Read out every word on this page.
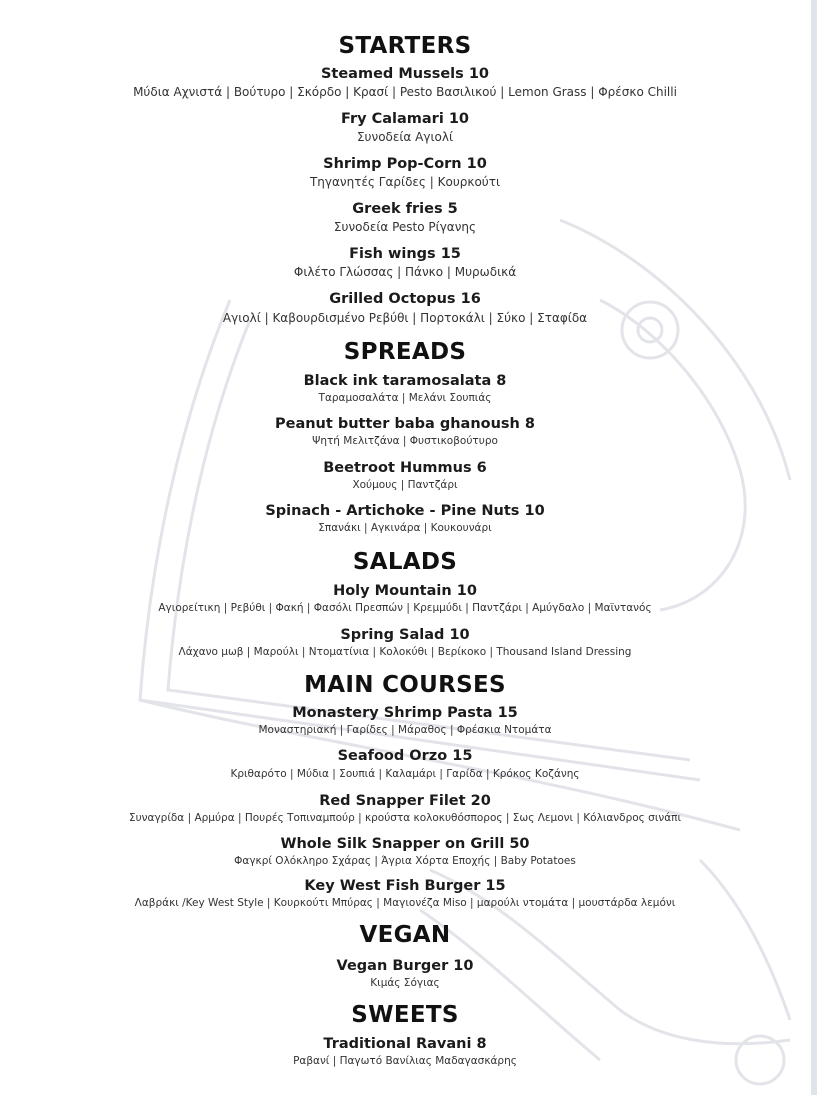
STARTERS
Steamed Mussels 10
Μύδια Αχνιστά | Βούτυρο | Σκόρδο | Κρασί | Pesto Βασιλικού | Lemon Grass | Φρέσκο Chilli
Fry Calamari 10
Συνοδεία Αγιολί
Shrimp Pop-Corn 10
Τηγανητές Γαρίδες | Κουρκούτι
Greek fries 5
Συνοδεία Pesto Ρίγανης
Fish wings 15
Φιλέτο Γλώσσας | Πάνκο | Μυρωδικά
Grilled Octopus 16
Αγιολί | Καβουρδισμένο Ρεβύθι | Πορτοκάλι | Σύκο | Σταφίδα
SPREADS
Black ink taramosalata 8
Ταραμοσαλάτα | Μελάνι Σουπιάς
Peanut butter baba ghanoush 8
Ψητή Μελιτζάνα | Φυστικοβούτυρο
Beetroot Hummus 6
Χούμους | Παντζάρι
Spinach - Artichoke - Pine Nuts 10
Σπανάκι | Αγκινάρα | Κουκουνάρι
SALADS
Holy Mountain 10
Αγιορείτικη | Ρεβύθι | Φακή | Φασόλι Πρεσπών | Κρεμμύδι | Παντζάρι | Αμύγδαλο | Μαϊντανός
Spring Salad 10
Λάχανο μωβ | Μαρούλι | Ντοματίνια | Κολοκύθι | Βερίκοκο | Thousand Island Dressing
MAIN COURSES
Monastery Shrimp Pasta 15
Μοναστηριακή | Γαρίδες | Μάραθος | Φρέσκια Ντομάτα
Seafood Orzo 15
Κριθαρότο | Μύδια | Σουπιά | Καλαμάρι | Γαρίδα | Κρόκος Κοζάνης
Red Snapper Filet 20
Συναγρίδα | Αρμύρα | Πουρές Τοπιναμπούρ | κρούστα κολοκυθόσπορος | Σως Λεμονι | Κόλιανδρος σινάπι
Whole Silk Snapper on Grill 50
Φαγκρί Ολόκληρο Σχάρας | Άγρια Χόρτα Εποχής | Baby Potatoes
Key West Fish Burger 15
Λαβράκι /Key West Style | Κουρκούτι Μπύρας | Μαγιονέζα Miso | μαρούλι ντομάτα | μουστάρδα λεμόνι
VEGAN
Vegan Burger 10
Κιμάς Σόγιας
SWEETS
Traditional Ravani 8
Ραβανί | Παγωτό Βανίλιας Μαδαγασκάρης
